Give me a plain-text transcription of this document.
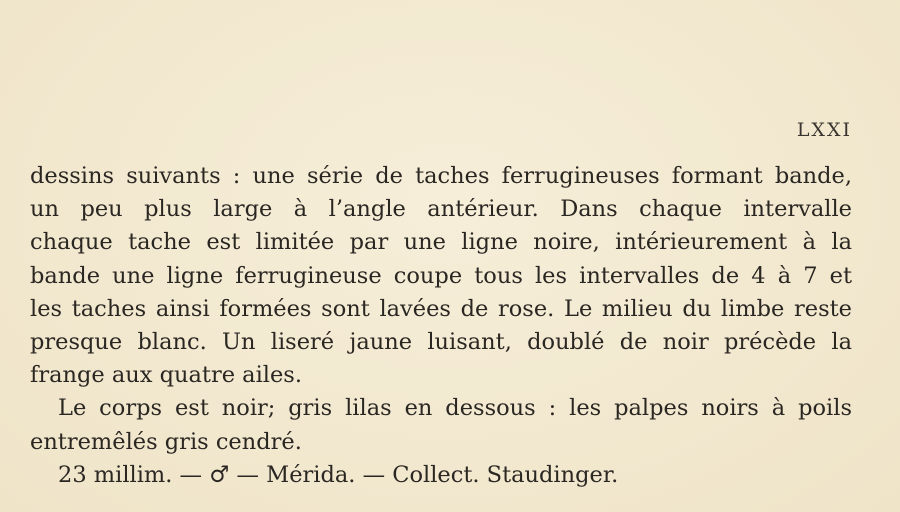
LXXI
dessins suivants : une série de taches ferrugineuses formant bande,
un peu plus large à l’angle antérieur. Dans chaque intervalle
chaque tache est limitée par une ligne noire, intérieurement à la
bande une ligne ferrugineuse coupe tous les intervalles de 4 à 7 et
les taches ainsi formées sont lavées de rose. Le milieu du limbe reste
presque blanc. Un liseré jaune luisant, doublé de noir précède la
frange aux quatre ailes.
Le corps est noir; gris lilas en dessous : les palpes noirs à poils
entremêlés gris cendré.
23 millim. — ♂ — Mérida. — Collect. Staudinger.
